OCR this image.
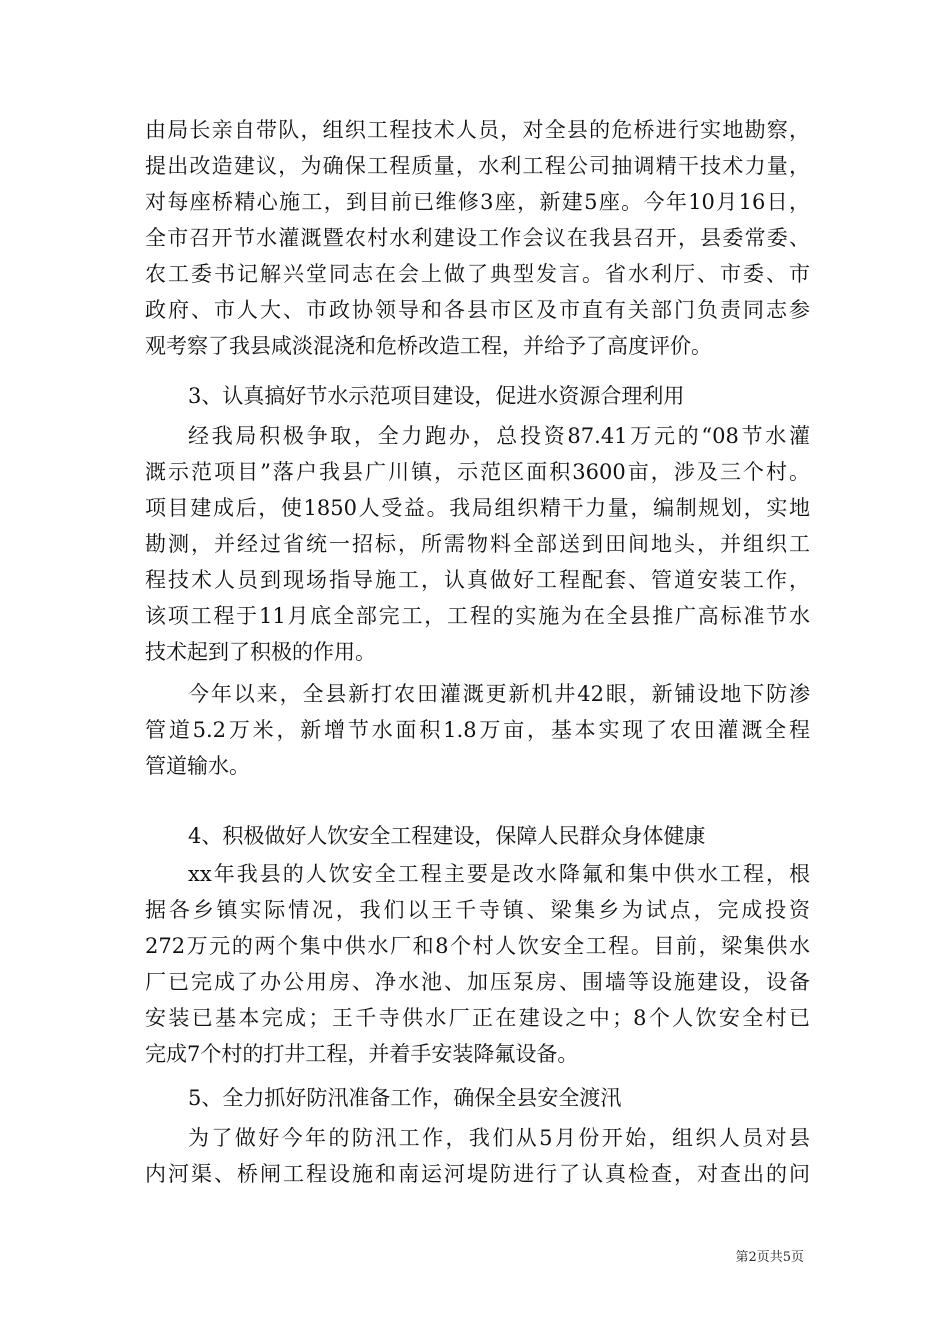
由局长亲自带队，组织工程技术人员，对全县的危桥进行实地勘察，
提出改造建议，为确保工程质量，水利工程公司抽调精干技术力量，
对每座桥精心施工，到目前已维修3座，新建5座。今年10月16日，
全市召开节水灌溉暨农村水利建设工作会议在我县召开，县委常委、
农工委书记解兴堂同志在会上做了典型发言。省水利厅、市委、市
政府、市人大、市政协领导和各县市区及市直有关部门负责同志参
观考察了我县咸淡混浇和危桥改造工程，并给予了高度评价。
3、认真搞好节水示范项目建设，促进水资源合理利用
经我局积极争取，全力跑办，总投资87.41万元的“08节水灌
溉示范项目”落户我县广川镇，示范区面积3600亩，涉及三个村。
项目建成后，使1850人受益。我局组织精干力量，编制规划，实地
勘测，并经过省统一招标，所需物料全部送到田间地头，并组织工
程技术人员到现场指导施工，认真做好工程配套、管道安装工作，
该项工程于11月底全部完工，工程的实施为在全县推广高标准节水
技术起到了积极的作用。
今年以来，全县新打农田灌溉更新机井42眼，新铺设地下防渗
管道5.2万米，新增节水面积1.8万亩，基本实现了农田灌溉全程
管道输水。
4、积极做好人饮安全工程建设，保障人民群众身体健康
xx年我县的人饮安全工程主要是改水降氟和集中供水工程，根
据各乡镇实际情况，我们以王千寺镇、梁集乡为试点，完成投资
272万元的两个集中供水厂和8个村人饮安全工程。目前，梁集供水
厂已完成了办公用房、净水池、加压泵房、围墙等设施建设，设备
安装已基本完成；王千寺供水厂正在建设之中；8个人饮安全村已
完成7个村的打井工程，并着手安装降氟设备。
5、全力抓好防汛准备工作，确保全县安全渡汛
为了做好今年的防汛工作，我们从5月份开始，组织人员对县
内河渠、桥闸工程设施和南运河堤防进行了认真检查，对查出的问
第2页共5页
